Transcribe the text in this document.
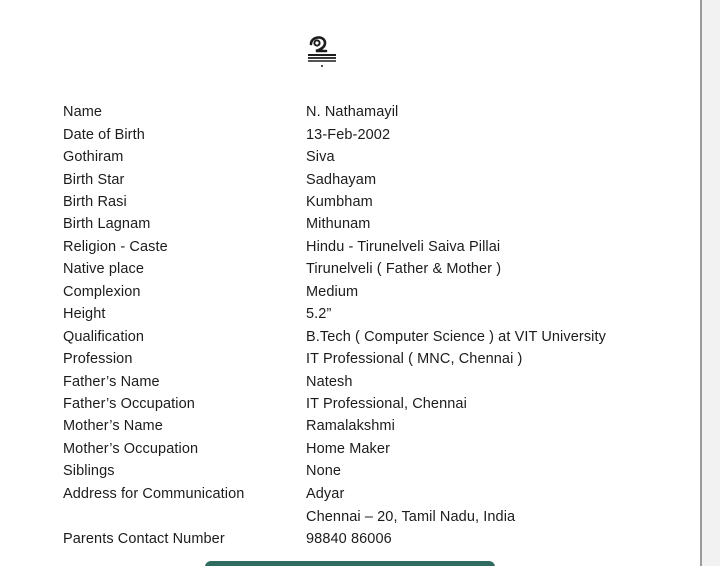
Name	N. Nathamayil
Date of Birth	13-Feb-2002
Gothiram	Siva
Birth Star	Sadhayam
Birth Rasi	Kumbham
Birth Lagnam	Mithunam
Religion - Caste	Hindu - Tirunelveli Saiva Pillai
Native place	Tirunelveli ( Father & Mother )
Complexion	Medium
Height	5.2”
Qualification	B.Tech ( Computer Science ) at VIT University
Profession	IT Professional ( MNC, Chennai )
Father’s Name	Natesh
Father’s Occupation	IT Professional, Chennai
Mother’s Name	Ramalakshmi
Mother’s Occupation	Home Maker
Siblings	None
Address for Communication	Adyar
Chennai – 20, Tamil Nadu, India
Parents Contact Number	98840 86006
